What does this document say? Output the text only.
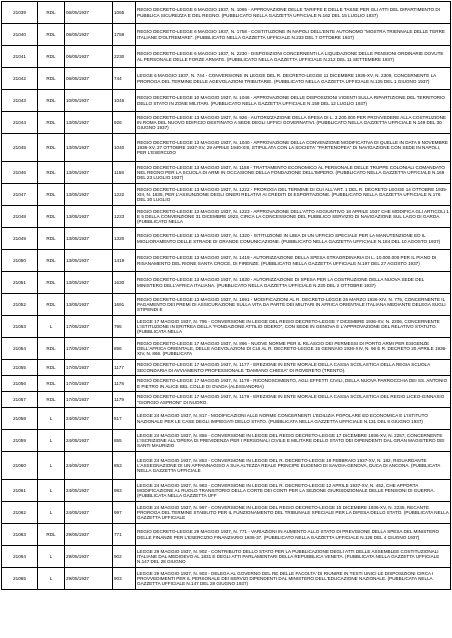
21039	RDL	06/05/1937	1065	REGIO DECRETO-LEGGE 6 MAGGIO 1937, N. 1065 - APPROVAZIONE DELLE TARIFFE E DELLE TASSE PER GLI ATTI DEL DIPARTIMENTO DI PUBBLICA SICUREZZA E DEL REGNO. (PUBBLICATO NELLA GAZZETTA UFFICIALE N.162 DEL 15 LUGLIO 1937)
21040	RDL	06/05/1937	1758	REGIO DECRETO-LEGGE 6 MAGGIO 1937, N. 1758 - COSTITUZIONE IN NAPOLI DELL'ENTE AUTONOMO "MOSTRA TRIENNALE DELLE TERRE ITALIANE D'OLTREMARE". (PUBBLICATO NELLA GAZZETTA UFFICIALE N.233 DEL 7 OTTOBRE 1937)
21041	RDL	06/05/1937	2230	REGIO DECRETO-LEGGE 6 MAGGIO 1937, N. 2230 - DISPOSIZIONI CONCERNENTI LA LIQUIDAZIONE DELLE PENSIONI ORDINARIE DOVUTE AL PERSONALE DELLE FORZE ARMATE. (PUBBLICATO NELLA GAZZETTA UFFICIALE N.212 DEL 11 SETTEMBRE 1937)
21042	RDL	06/05/1937	744	LEGGE 6 MAGGIO 1937, N. 744 - CONVERSIONE IN LEGGE DEL R. DECRETO-LEGGE 11 DICEMBRE 1936-XV, N. 2309, CONCERNENTE LA PROROGA DEL TERMINE DELLE AGEVOLAZIONI TRIBUTARIE. (PUBBLICATO NELLA GAZZETTA UFFICIALE N.125 DEL 1 GIUGNO 1937)
21043	RDL	10/05/1937	1046	REGIO DECRETO-LEGGE 10 MAGGIO 1937, N. 1046 - APPROVAZIONE DELLE DISPOSIZIONI VIGENTI SULLA RIPARTIZIONE DEL TERRITORIO DELLO STATO IN ZONE MILITARI. (PUBBLICATO NELLA GAZZETTA UFFICIALE N.159 DEL 12 LUGLIO 1937)
21044	RDL	13/05/1937	926	REGIO DECRETO-LEGGE 13 MAGGIO 1937, N. 926 - AUTORIZZAZIONE DELLA SPESA DI L. 3.200.000 PER PROVVEDERE ALLA COSTRUZIONE IN ROMA DEL NUOVO EDIFICIO DESTINATO A SEDE DEGLI UFFICI GOVERNATIVI. (PUBBLICATO NELLA GAZZETTA UFFICIALE N.149 DEL 30 GIUGNO 1937)
21045	RDL	13/05/1937	1040	REGIO DECRETO-LEGGE 13 MAGGIO 1937, N. 1040 - APPROVAZIONE DELLA CONVENZIONE MODIFICATIVA DI QUELLE IN DATA 9 NOVEMBRE 1936-XV, 27 OTTOBRE 1937-XV, 29 APRILE 1940-XIII, STIPULATA CON LA SOCIETA' "PARTENOPEA" DI NAVIGAZIONE CON SEDE IN NAPOLI, PER L'ESERCIZIO
21046	RDL	13/05/1937	1158	REGIO DECRETO-LEGGE 13 MAGGIO 1937, N. 1158 - TRATTAMENTO ECONOMICO AL PERSONALE DELLE TRUPPE COLONIALI COMANDATO NEL REGNO PER LA SCUOLA DI ARMI IN OCCASIONE DELLA FONDAZIONE DELL'IMPERO. (PUBBLICATO NELLA GAZZETTA UFFICIALE N.169 DEL 23 LUGLIO 1937)
21047	RDL	13/05/1937	1222	REGIO DECRETO-LEGGE 13 MAGGIO 1937, N. 1222 - PROROGA DEL TERMINE DI CUI ALL'ART. 1 DEL R. DECRETO-LEGGE 14 OTTOBRE 1935-XIII, N. 1835, PER L'ASSUNZIONE DEGLI ONERI RELATIVI AI CREDITI DI ESPORTAZIONE. (PUBBLICATO NELLA GAZZETTA UFFICIALE N.176 DEL 30 LUGLIO
21048	RDL	13/05/1937	1223	REGIO DECRETO-LEGGE 13 MAGGIO 1937, N. 1223 - APPROVAZIONE DELL'ATTO AGGIUNTIVO 18 APRILE 1937 CHE MODIFICA GLI ARTICOLI 1 E 5 DELLA CONVENZIONE 31 DICEMBRE 1923, CIRCA LA CONCESSIONE DEL PUBBLICO SERVIZIO DI NAVIGAZIONE SUL LAGO DI GARDA. (PUBBLICATO NELLA
21049	RDL	13/05/1937	1320	REGIO DECRETO-LEGGE 13 MAGGIO 1937, N. 1320 - ISTITUZIONE IN LIBIA DI UN UFFICIO SPECIALE PER LA MANUTENZIONE ED IL MIGLIORAMENTO DELLE STRADE DI GRANDE COMUNICAZIONE. (PUBBLICATO NELLA GAZZETTA UFFICIALE N.184 DEL 10 AGOSTO 1937)
21050	RDL	13/05/1937	1419	REGIO DECRETO-LEGGE 13 MAGGIO 1937, N. 1419 - AUTORIZZAZIONE DELLA SPESA STRAORDINARIA DI L. 10.000.000 PER IL PIANO DI RISANAMENTO DEL RIONE SANTA CROCE, DI FIRENZE. (PUBBLICATO NELLA GAZZETTA UFFICIALE N.197 DEL 27 AGOSTO 1937)
21051	RDL	13/05/1937	1630	REGIO DECRETO-LEGGE 13 MAGGIO 1937, N. 1630 - AUTORIZZAZIONE DI SPESA PER LA COSTRUZIONE DELLA NUOVA SEDE DEL MINISTERO DELL'AFRICA ITALIANA. (PUBBLICATO NELLA GAZZETTA UFFICIALE N.230 DEL 2 OTTOBRE 1937)
21052	RDL	13/05/1937	1691	REGIO DECRETO-LEGGE 13 MAGGIO 1937, N. 1691 - MODIFICAZIONI AL R. DECRETO-LEGGE 26 MARZO 1936-XIV, N. 775, CONCERNENTE IL PAGAMENTO DEI PREMI DI ASSICURAZIONE SULLA VITA DA PARTE DEI MILITARI IN AFRICA ORIENTALE ITALIANA MEDIANTE DELEGA SUGLI STIPENDI E
21053	L	17/05/1937	795	LEGGE 17 MAGGIO 1937, N. 795 - CONVERSIONE IN LEGGE DEL REGIO DECRETO-LEGGE 7 DICEMBRE 1936-XV, N. 2206, CONCERNENTE L'ISTITUZIONE IN ERITREA DELLA "FONDAZIONE ATTILIO ODERO", CON SEDE IN GENOVA E L'APPROVAZIONE DEL RELATIVO STATUTO. (PUBBLICATA NELLA
21054	RDL	17/05/1937	896	REGIO DECRETO-LEGGE 17 MAGGIO 1937, N. 896 - NUOVE NORME PER IL RILASCIO DEI PERMESSI DI PORTO ARMI PER ESIGENZE DELL'AFRICA ORIENTALE, DELLE AGEVOLAZIONI DI CUI AL R. DECRETO-LEGGE 15 GENNAIO 1936-XIV, N. 96 E R. DECRETO 20 APRILE 1936-XIV, N. 866. (PUBBLICATA
21055	RDL	17/05/1937	1177	REGIO DECRETO-LEGGE 17 MAGGIO 1937, N. 1177 - EREZIONE IN ENTE MORALE DELLA CASSA SCOLASTICA DELLA REGIA SCUOLA SECONDARIA DI AVVIAMENTO PROFESSIONALE "DAMIANO CHIESA" DI ROVERETO (TRENTO).
21056	RDL	17/05/1937	1178	REGIO DECRETO-LEGGE 17 MAGGIO 1937, N. 1178 - RICONOSCIMENTO, AGLI EFFETTI CIVILI, DELLA NUOVA PARROCCHIA DEI SS. ANTONIO E PIETRO IN ALICE BEL COLLE DI OVADA (ALESSANDRIA)
21057	RDL	17/05/1937	1179	REGIO DECRETO-LEGGE 17 MAGGIO 1937, N. 1179 - EREZIONE IN ENTE MORALE DELLA CASSA SCOLASTICA DEL REGIO LICEO-GINNASIO "GIORGIO ASPRONI" DI NUORO.
21058	L	24/05/1937	817	LEGGE 24 MAGGIO 1937, N. 817 - MODIFICAZIONI ALLE NORME CONCERNENTI L'EDILIZIA POPOLARE ED ECONOMICA E L'ISTITUTO NAZIONALE PER LE CASE DEGLI IMPIEGATI DELLO STATO. (PUBBLICATA NELLA GAZZETTA UFFICIALE N.131 DEL 8 GIUGNO 1937)
21059	L	24/05/1937	855	LEGGE 24 MAGGIO 1937, N. 855 - CONVERSIONE IN LEGGE DEL REGIO DECRETO-LEGGE 17 DICEMBRE 1936-XV, N. 2257, CONCERNENTE L'ISCRIZIONE ALL'OPERA DI PREVIDENZA PER I PERSONALI CIVILE E MILITARE DELLO STATO DEI DIPENDENTI DAL GRAN MAGISTERO DEI SANTI MAURIZIO
21060	L	24/05/1937	853	LEGGE 24 MAGGIO 1937, N. 853 - CONVERSIONE IN LEGGE DEL R. DECRETO-LEGGE 18 FEBBRAIO 1937-XV, N. 182, RIGUARDANTE L'ASSEGNAZIONE DI UN APPANNAGGIO A SUA ALTEZZA REALE PRINCIPE EUGENIO DI SAVOIA-GENOVA, DUCA DI ANCONA. (PUBBLICATA NELLA GAZZETTA UFFICIALE
21061	L	24/05/1937	983	LEGGE 24 MAGGIO 1937, N. 983 - CONVERSIONE IN LEGGE DEL R. DECRETO-LEGGE 12 APRILE 1937-XV, N. 452, CHE APPORTA MODIFICAZIONE AL RUOLO TRANSITORIO DELLA CORTE DEI CONTI PER LA SEZIONE GIURISDIZIONALE DELLE PENSIONI DI GUERRA. (PUBBLICATA NELLA GAZZETTA UFF
21062	L	24/05/1937	997	LEGGE 24 MAGGIO 1937, N. 997 - CONVERSIONE IN LEGGE DEL REGIO DECRETO-LEGGE 15 DICEMBRE 1936-XV, N. 2235, RECANTE PROROGA DEL TERMINE STABILITO PER IL FUNZIONAMENTO DEL TRIBUNALE SPECIALE PER LA DIFESA DELLO STATO. (PUBBLICATA NELLA GAZZETTA UFFICIALE
21063	RDL	29/05/1937	771	REGIO DECRETO-LEGGE 29 MAGGIO 1937, N. 771 - VARIAZIONI IN AUMENTO ALLO STATO DI PREVISIONE DELLA SPESA DEL MINISTERO DELLE FINANZE PER L'ESERCIZIO FINANZIARIO 1936-37. (PUBBLICATO NELLA GAZZETTA UFFICIALE N.128 DEL 4 GIUGNO 1937)
21064	L	29/05/1937	902	LEGGE 29 MAGGIO 1937, N. 902 - CONTRIBUTO DELLO STATO PER LA PUBBLICAZIONE DEGLI ATTI DELLE ASSEMBLEE COSTITUZIONALI ITALIANE DAL MEDIOEVO AL 1831 E DEGLI ATTI PARLAMENTARI DELLA REPUBBLICA VENETA. (PUBBLICATA NELLA GAZZETTA UFFICIALE N.147 DEL 28 GIUGNO
21065	L	29/05/1937	903	LEGGE 29 MAGGIO 1937, N. 903 - DELEGA AL GOVERNO DEL RE DELLE FACOLTA' DI RIUNIRE IN TESTI UNICI LE DISPOSIZIONI CIRCA I PROVVEDIMENTI PER IL PERSONALE DEI SERVIZI DIPENDENTI DAL MINISTERO DELL'EDUCAZIONE NAZIONALE. (PUBBLICATA NELLA GAZZETTA UFFICIALE N.147 DEL 28 GIUGNO 1937)
